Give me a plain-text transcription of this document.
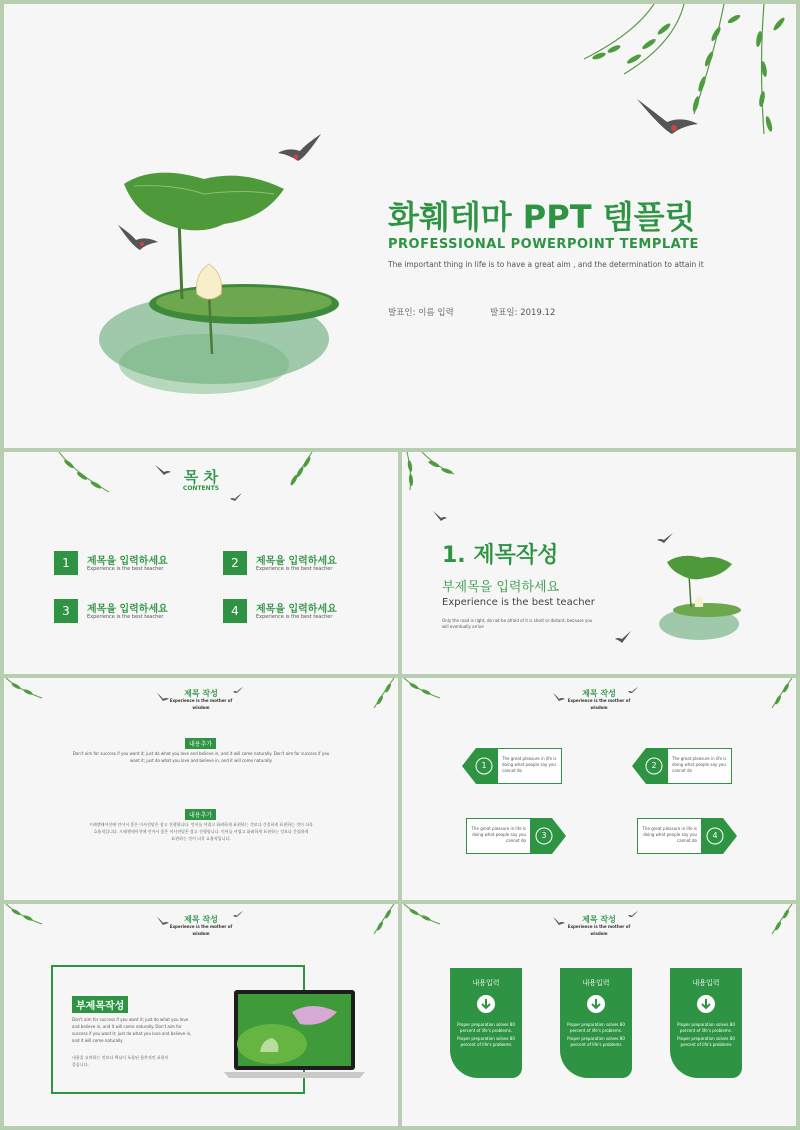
화훼테마 PPT 템플릿
PROFESSIONAL POWERPOINT TEMPLATE
The important thing in life is to have a great aim , and the determination to attain it
발표인: 이름 입력	발표일: 2019.12
목 차
CONTENTS
1	제목을 입력하세요
Experience is the best teacher	2	제목을 입력하세요
Experience is the best teacher
3	제목을 입력하세요
Experience is the best teacher	4	제목을 입력하세요
Experience is the best teacher
1. 제목작성
부제목을 입력하세요
Experience is the best teacher
Only the road is right, do not be afraid of it is short or distant, because you
will eventually arrive
제목 작성
Experience is the mother of
wisdom
내용추가
Don't aim for success if you want it; just do what you love and believe in, and it will come naturally. Don't aim for success if you
want it; just do what you love and believe in, and it will come naturally
내용추가
프레젠테이션에 인어서 좋은 이사전달은 참고 진행합니다. 언어를 어렵고 화려하게 표현하는 것보다 간결하게 표현하는 것이 더욱
효율적입니다. 프레젠테이션에 인어서 좋은 이사전달은 참고 진행합니다. 언어를 어렵고 화려하게 표현하는 것보다 간결하게
표현하는 것이 더욱 효율적입니다.
제목 작성
Experience is the mother of
wisdom
1
The great pleasure in life is
doing what people say you
cannot do
2
The great pleasure in life is
doing what people say you
cannot do
The great pleasure in life is
doing what people say you
cannot do
3
The great pleasure in life is
doing what people say you
cannot do
4
제목 작성
Experience is the mother of
wisdom
부제목작성
Don't aim for success if you want it; just do what you love
and believe in, and it will come naturally. Don't aim for
success if you want it; just do what you love and believe in,
and it will come naturally
내용을 요약하는 것보다 핵심이 포함된 함축적인 표현이
좋습니다.
제목 작성
Experience is the mother of
wisdom
내용입력
Proper preparation solves 80
percent of life's problems.
Proper preparation solves 80
percent of life's problems
내용입력
Proper preparation solves 80
percent of life's problems.
Proper preparation solves 80
percent of life's problems
내용입력
Proper preparation solves 80
percent of life's problems.
Proper preparation solves 80
percent of life's problems
